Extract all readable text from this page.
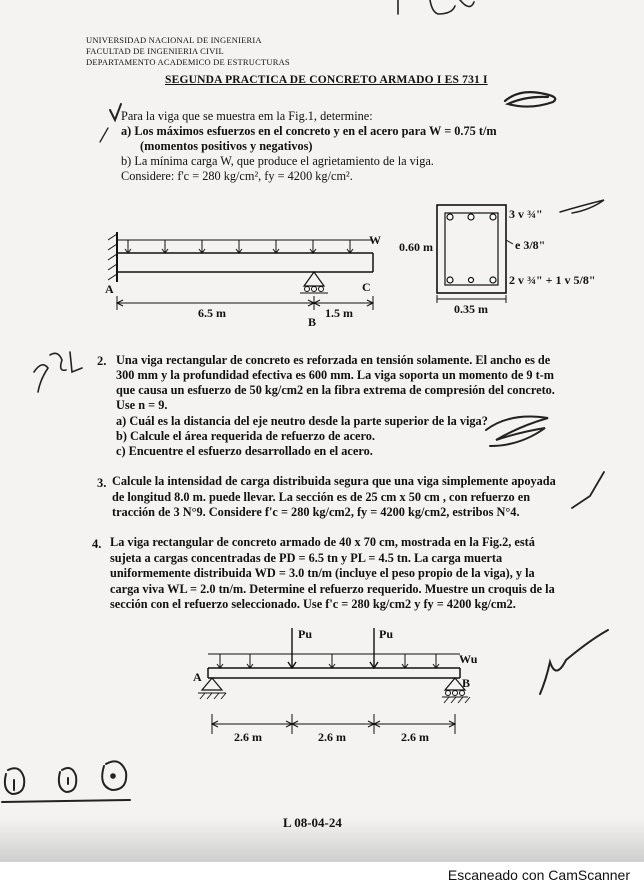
UNIVERSIDAD NACIONAL DE INGENIERIA
FACULTAD DE INGENIERIA CIVIL
DEPARTAMENTO ACADEMICO DE ESTRUCTURAS
SEGUNDA PRACTICA DE CONCRETO ARMADO I ES 731 I
Para la viga que se muestra em la Fig.1, determine:
a) Los máximos esfuerzos en el concreto y en el acero para W = 0.75 t/m
(momentos positivos y negativos)
b) La mínima carga W, que produce el agrietamiento de la viga.
Considere: f'c = 280 kg/cm², fy = 4200 kg/cm².
W
A	C
B
6.5 m	1.5 m
0.60 m
0.35 m
3 v ¾"
e 3/8"
2 v ¾" + 1 v 5/8"
2. Una viga rectangular de concreto es reforzada en tensión solamente. El ancho es de
300 mm y la profundidad efectiva es 600 mm. La viga soporta un momento de 9 t-m
que causa un esfuerzo de 50 kg/cm2 en la fibra extrema de compresión del concreto.
Use n = 9.
a) Cuál es la distancia del eje neutro desde la parte superior de la viga?
b) Calcule el área requerida de refuerzo de acero.
c) Encuentre el esfuerzo desarrollado en el acero.
3. Calcule la intensidad de carga distribuida segura que una viga simplemente apoyada
de longitud 8.0 m. puede llevar. La sección es de 25 cm x 50 cm , con refuerzo en
tracción de 3 N°9. Considere f'c = 280 kg/cm2, fy = 4200 kg/cm2, estribos N°4.
4. La viga rectangular de concreto armado de 40 x 70 cm, mostrada en la Fig.2, está
sujeta a cargas concentradas de PD = 6.5 tn y PL = 4.5 tn. La carga muerta
uniformemente distribuida WD = 3.0 tn/m (incluye el peso propio de la viga), y la
carga viva WL = 2.0 tn/m. Determine el refuerzo requerido. Muestre un croquis de la
sección con el refuerzo seleccionado. Use f'c = 280 kg/cm2 y fy = 4200 kg/cm2.
Pu	Pu
Wu
A	B
2.6 m	2.6 m	2.6 m
L 08-04-24
Escaneado con CamScanner
